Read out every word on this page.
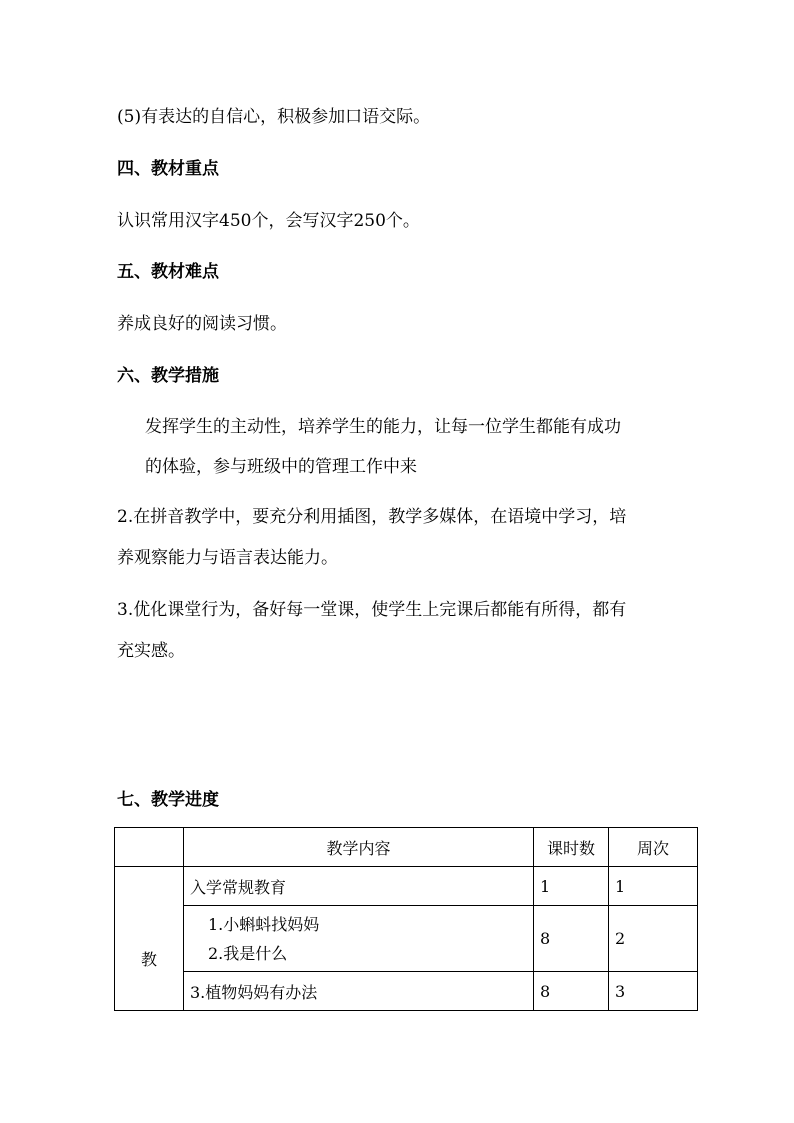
(5)有表达的自信心，积极参加口语交际。
四、教材重点
认识常用汉字450个，会写汉字250个。
五、教材难点
养成良好的阅读习惯。
六、教学措施
发挥学生的主动性，培养学生的能力，让每一位学生都能有成功
的体验，参与班级中的管理工作中来
2.在拼音教学中，要充分利用插图，教学多媒体，在语境中学习，培
养观察能力与语言表达能力。
3.优化课堂行为，备好每一堂课，使学生上完课后都能有所得，都有
充实感。
七、教学进度
	教学内容	课时数	周次
教	入学常规教育	1	1

	1.小蝌蚪找妈妈
2.我是什么	8	2
	3.植物妈妈有办法	8	3
